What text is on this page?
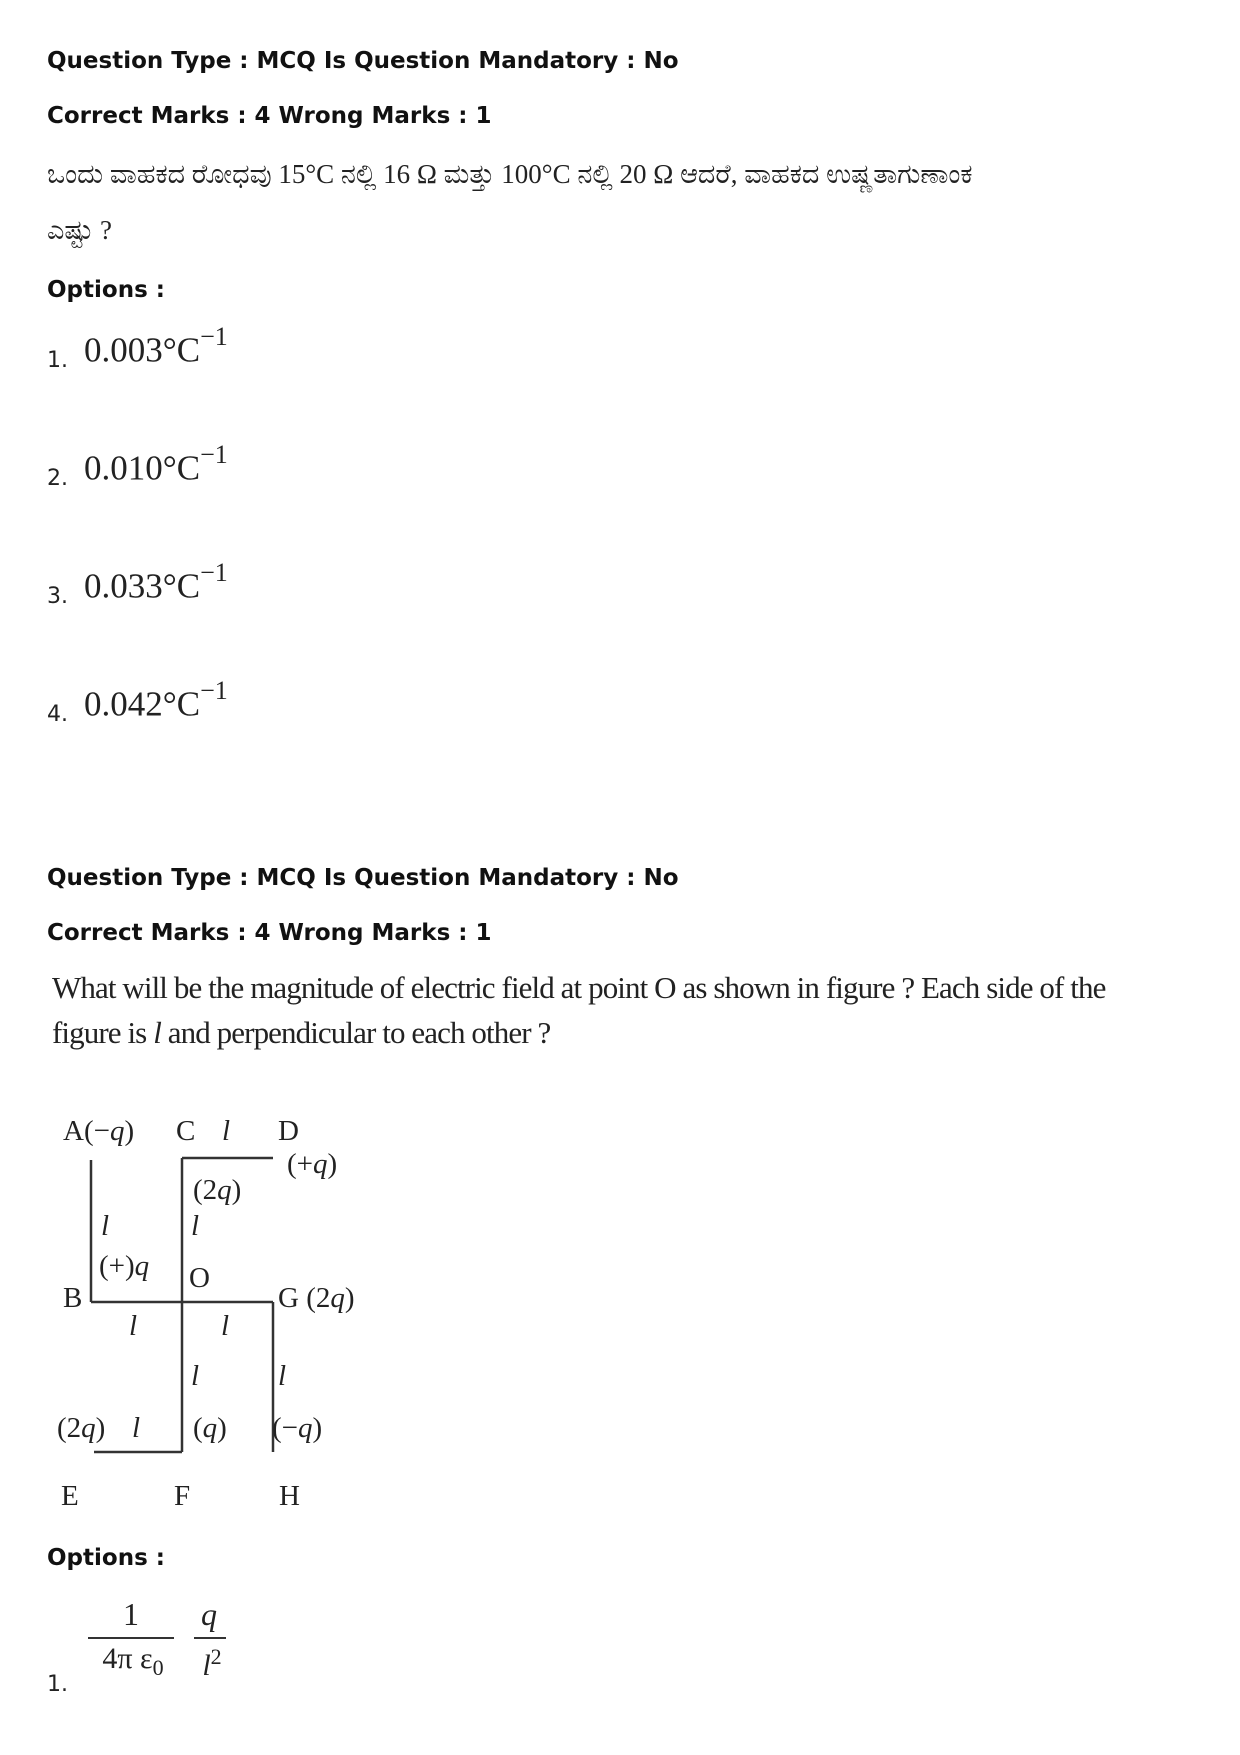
Question Type : MCQ Is Question Mandatory : No
Correct Marks : 4 Wrong Marks : 1
ಒಂದು ವಾಹಕದ ರೋಧವು 15°C ನಲ್ಲಿ 16 Ω ಮತ್ತು 100°C ನಲ್ಲಿ 20 Ω ಆದರೆ, ವಾಹಕದ ಉಷ್ಣತಾಗುಣಾಂಕ
ಎಷ್ಟು ?
Options :
1. $0.003^\circ C^{-1}$
2. $0.010^\circ C^{-1}$
3. $0.033^\circ C^{-1}$
4. $0.042^\circ C^{-1}$
Question Type : MCQ Is Question Mandatory : No
Correct Marks : 4 Wrong Marks : 1
What will be the magnitude of electric field at point O as shown in figure ? Each side of the
figure is l and perpendicular to each other ?
A(−q) C l D
(+q)
(2q)
l
l
(+)q O
B	G (2q)
l	l
l	l
(2q) l (q) (−q)
E	F	H
Options :
1.
1
4π $\varepsilon_0$
q
$l^2$
